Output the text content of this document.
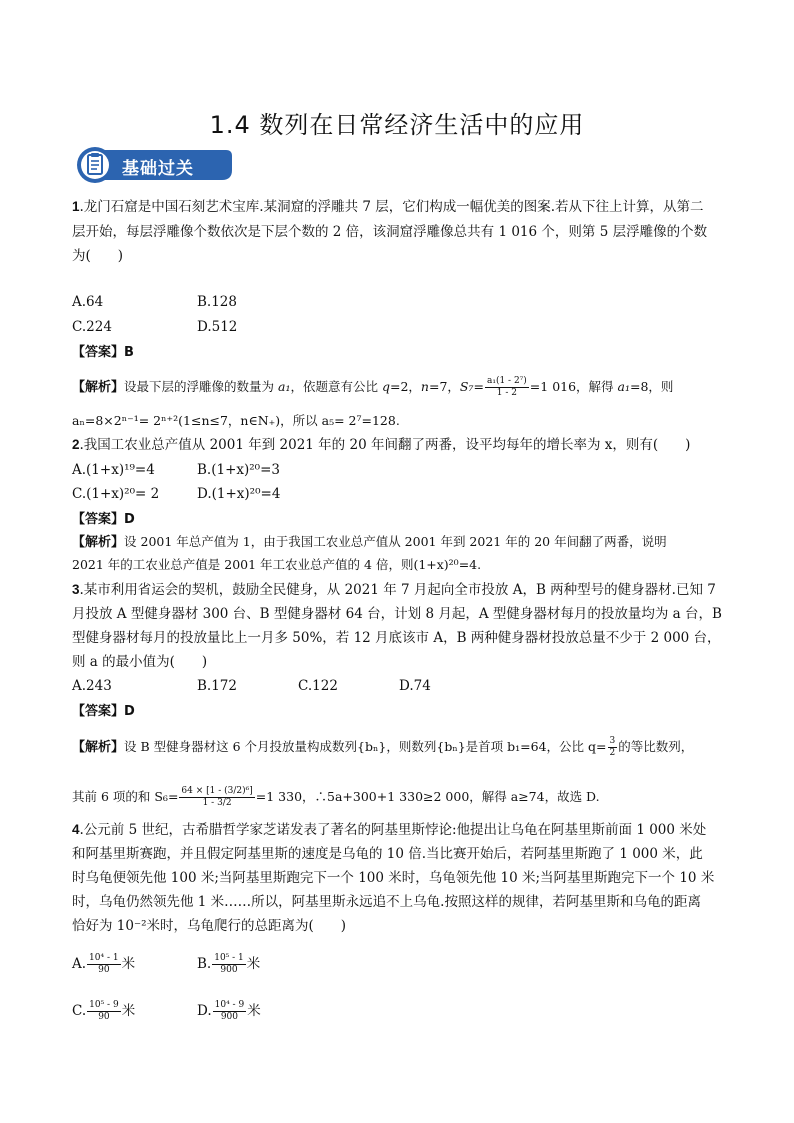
1.4 数列在日常经济生活中的应用
基础过关
1.龙门石窟是中国石刻艺术宝库.某洞窟的浮雕共 7 层，它们构成一幅优美的图案.若从下往上计算，从第二
层开始，每层浮雕像个数依次是下层个数的 2 倍，该洞窟浮雕像总共有 1 016 个，则第 5 层浮雕像的个数
为(　　)
A.64	B.128
C.224	D.512
【答案】B
【解析】设最下层的浮雕像的数量为 a₁，依题意有公比 q=2，n=7，$S_7= \frac{\text{a₁(1 - 2⁷)}}{1 - 2} =1$ 016，解得 a₁=8，则
aₙ=8×2ⁿ⁻¹= 2ⁿ⁺²(1≤n≤7，n∈N₊)，所以 a₅= 2⁷=128.
2.我国工农业总产值从 2001 年到 2021 年的 20 年间翻了两番，设平均每年的增长率为 x，则有(　　)
A.(1+x)¹⁹=4	B.(1+x)²⁰=3
C.(1+x)²⁰= 2	D.(1+x)²⁰=4
【答案】D
【解析】设 2001 年总产值为 1，由于我国工农业总产值从 2001 年到 2021 年的 20 年间翻了两番，说明
2021 年的工农业总产值是 2001 年工农业总产值的 4 倍，则(1+x)²⁰=4.
3.某市利用省运会的契机，鼓励全民健身，从 2021 年 7 月起向全市投放 A，B 两种型号的健身器材.已知 7
月投放 A 型健身器材 300 台、B 型健身器材 64 台，计划 8 月起，A 型健身器材每月的投放量均为 a 台，B
型健身器材每月的投放量比上一月多 50%，若 12 月底该市 A，B 两种健身器材投放总量不少于 2 000 台，
则 a 的最小值为(　　)
A.243	B.172	C.122	D.74
【答案】D
【解析】设 B 型健身器材这 6 个月投放量构成数列{bₙ}，则数列{bₙ}是首项 b₁=64，公比 $q= \frac{3}{2}$ 的等比数列，
其前 6 项的和 $S_6= \frac{\text{64 × [1 - (3/2)⁶]}}{1 - 3/2} =1$ 330，∴5a+300+1 330≥2 000，解得 a≥74，故选 D.
4.公元前 5 世纪，古希腊哲学家芝诺发表了著名的阿基里斯悖论:他提出让乌龟在阿基里斯前面 1 000 米处
和阿基里斯赛跑，并且假定阿基里斯的速度是乌龟的 10 倍.当比赛开始后，若阿基里斯跑了 1 000 米，此
时乌龟便领先他 100 米;当阿基里斯跑完下一个 100 米时，乌龟领先他 10 米;当阿基里斯跑完下一个 10 米
时，乌龟仍然领先他 1 米……所以，阿基里斯永远追不上乌龟.按照这样的规律，若阿基里斯和乌龟的距离
恰好为 10⁻²米时，乌龟爬行的总距离为(　　)
A. $\frac{\text{10⁴ - 1}}{90}$ 米	B. $\frac{\text{10⁵ - 1}}{900}$ 米
C. $\frac{\text{10⁵ - 9}}{90}$ 米	D. $\frac{\text{10⁴ - 9}}{900}$ 米
